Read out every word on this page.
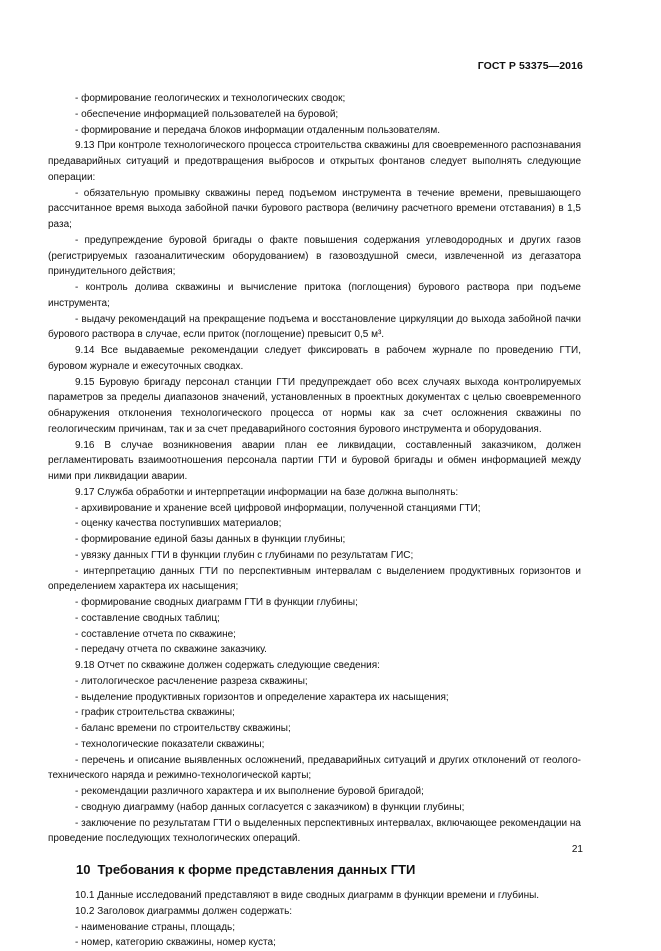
ГОСТ Р 53375—2016

- формирование геологических и технологических сводок;

- обеспечение информацией пользователей на буровой;

- формирование и передача блоков информации отдаленным пользователям.

9.13 При контроле технологического процесса строительства скважины для своевременного распознавания предаварийных ситуаций и предотвращения выбросов и открытых фонтанов следует выполнять следующие операции:

- обязательную промывку скважины перед подъемом инструмента в течение времени, превышающего рассчитанное время выхода забойной пачки бурового раствора (величину расчетного времени отставания) в 1,5 раза;

- предупреждение буровой бригады о факте повышения содержания углеводородных и других газов (регистрируемых газоаналитическим оборудованием) в газовоздушной смеси, извлеченной из дегазатора принудительного действия;

- контроль долива скважины и вычисление притока (поглощения) бурового раствора при подъеме инструмента;

- выдачу рекомендаций на прекращение подъема и восстановление циркуляции до выхода забойной пачки бурового раствора в случае, если приток (поглощение) превысит 0,5 м³.

9.14 Все выдаваемые рекомендации следует фиксировать в рабочем журнале по проведению ГТИ, буровом журнале и ежесуточных сводках.

9.15 Буровую бригаду персонал станции ГТИ предупреждает обо всех случаях выхода контролируемых параметров за пределы диапазонов значений, установленных в проектных документах с целью своевременного обнаружения отклонения технологического процесса от нормы как за счет осложнения скважины по геологическим причинам, так и за счет предаварийного состояния бурового инструмента и оборудования.

9.16 В случае возникновения аварии план ее ликвидации, составленный заказчиком, должен регламентировать взаимоотношения персонала партии ГТИ и буровой бригады и обмен информацией между ними при ликвидации аварии.

9.17 Служба обработки и интерпретации информации на базе должна выполнять:

- архивирование и хранение всей цифровой информации, полученной станциями ГТИ;

- оценку качества поступивших материалов;

- формирование единой базы данных в функции глубины;

- увязку данных ГТИ в функции глубин с глубинами по результатам ГИС;

- интерпретацию данных ГТИ по перспективным интервалам с выделением продуктивных горизонтов и определением характера их насыщения;

- формирование сводных диаграмм ГТИ в функции глубины;

- составление сводных таблиц;

- составление отчета по скважине;

- передачу отчета по скважине заказчику.

9.18 Отчет по скважине должен содержать следующие сведения:

- литологическое расчленение разреза скважины;

- выделение продуктивных горизонтов и определение характера их насыщения;

- график строительства скважины;

- баланс времени по строительству скважины;

- технологические показатели скважины;

- перечень и описание выявленных осложнений, предаварийных ситуаций и других отклонений от геолого-технического наряда и режимно-технологической карты;

- рекомендации различного характера и их выполнение буровой бригадой;

- сводную диаграмму (набор данных согласуется с заказчиком) в функции глубины;

- заключение по результатам ГТИ о выделенных перспективных интервалах, включающее рекомендации на проведение последующих технологических операций.

10 Требования к форме представления данных ГТИ

10.1 Данные исследований представляют в виде сводных диаграмм в функции времени и глубины.

10.2 Заголовок диаграммы должен содержать:

- наименование страны, площадь;

- номер, категорию скважины, номер куста;

21
